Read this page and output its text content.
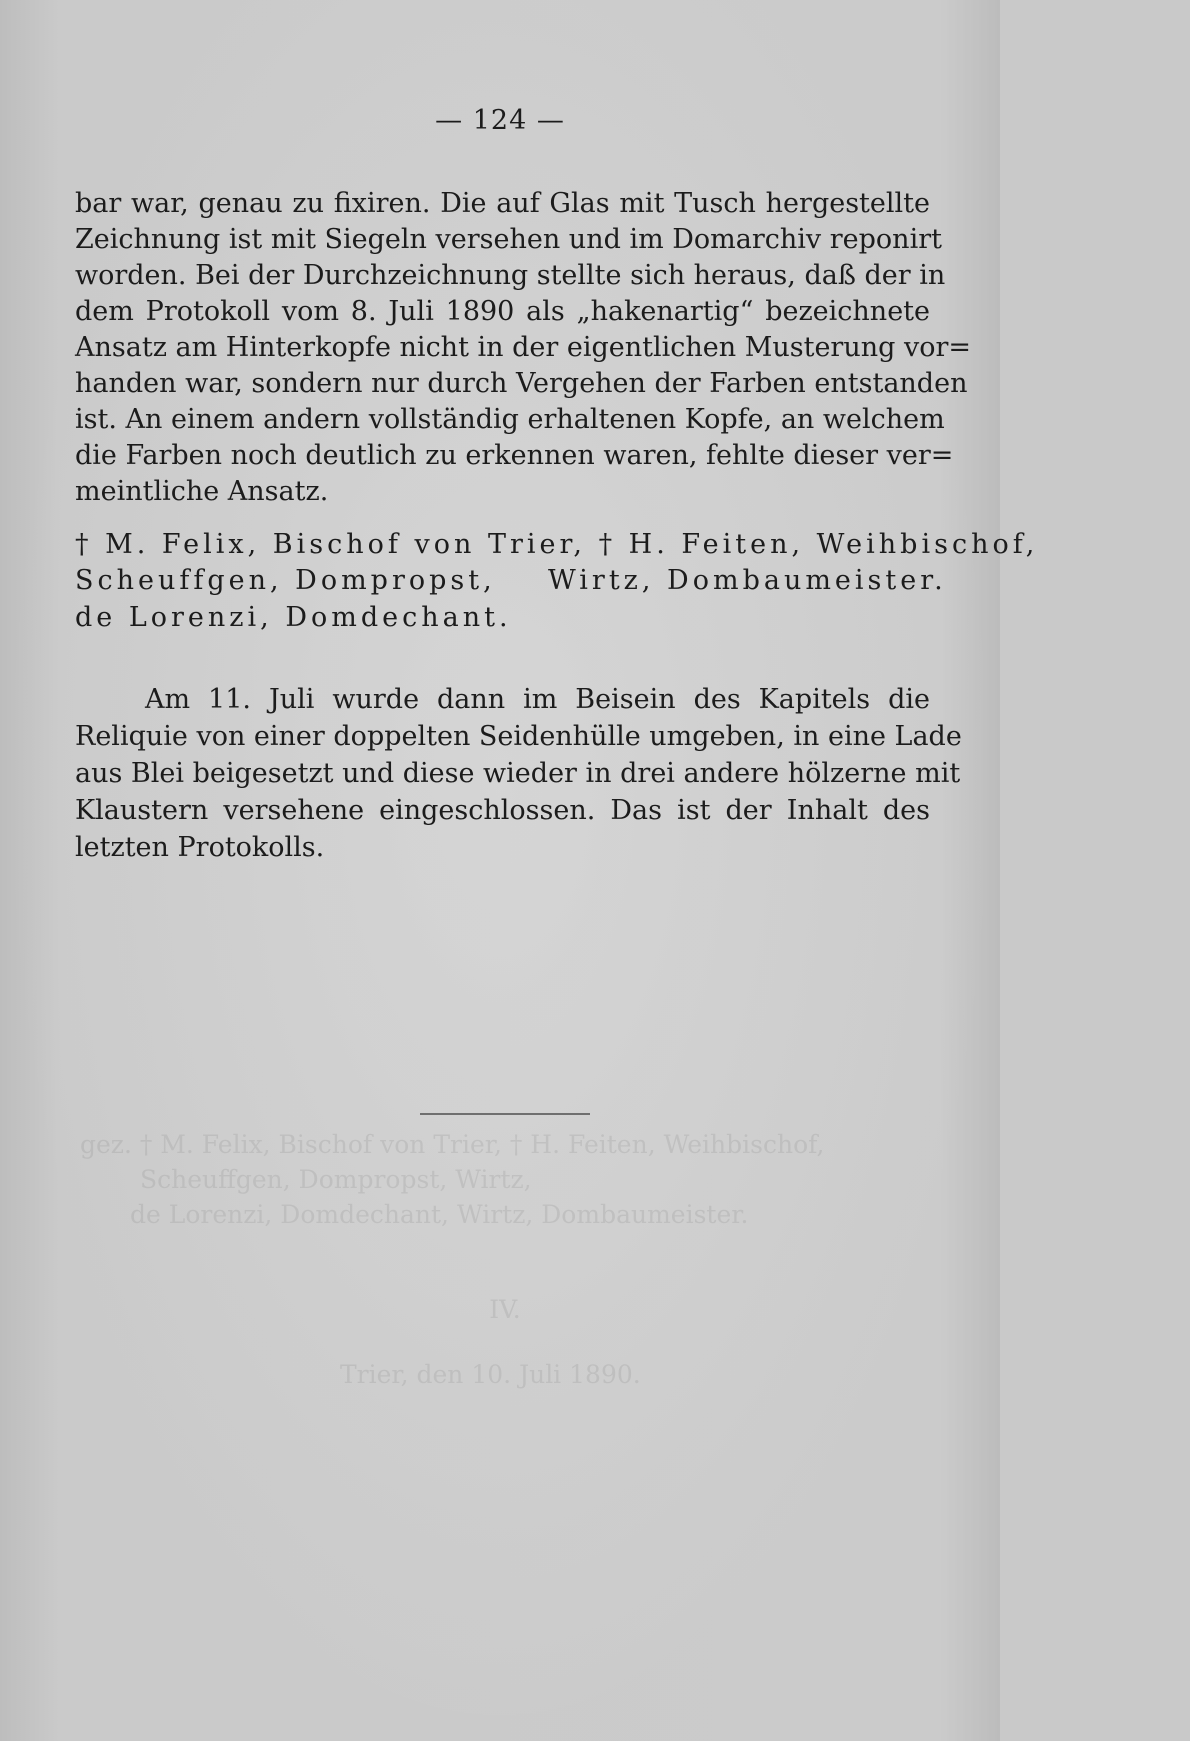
— 124 —
gez. † M. Felix, Bischof von Trier, † H. Feiten, Weihbischof,
Scheuffgen, Dompropst, Wirtz,
de Lorenzi, Domdechant, Wirtz, Dombaumeister.
IV.
Trier, den 10. Juli 1890.
bar war, genau zu fixiren. Die auf Glas mit Tusch hergestellte
Zeichnung ist mit Siegeln versehen und im Domarchiv reponirt
worden. Bei der Durchzeichnung stellte sich heraus, daß der in
dem Protokoll vom 8. Juli 1890 als „hakenartig“ bezeichnete
Ansatz am Hinterkopfe nicht in der eigentlichen Musterung vor=
handen war, sondern nur durch Vergehen der Farben entstanden
ist. An einem andern vollständig erhaltenen Kopfe, an welchem
die Farben noch deutlich zu erkennen waren, fehlte dieser ver=
meintliche Ansatz.
† M. Felix, Bischof von Trier, † H. Feiten, Weihbischof,
Scheuffgen, Dompropst, Wirtz, Dombaumeister.
de Lorenzi, Domdechant.
Am 11. Juli wurde dann im Beisein des Kapitels die
Reliquie von einer doppelten Seidenhülle umgeben, in eine Lade
aus Blei beigesetzt und diese wieder in drei andere hölzerne mit
Klaustern versehene eingeschlossen. Das ist der Inhalt des
letzten Protokolls.
